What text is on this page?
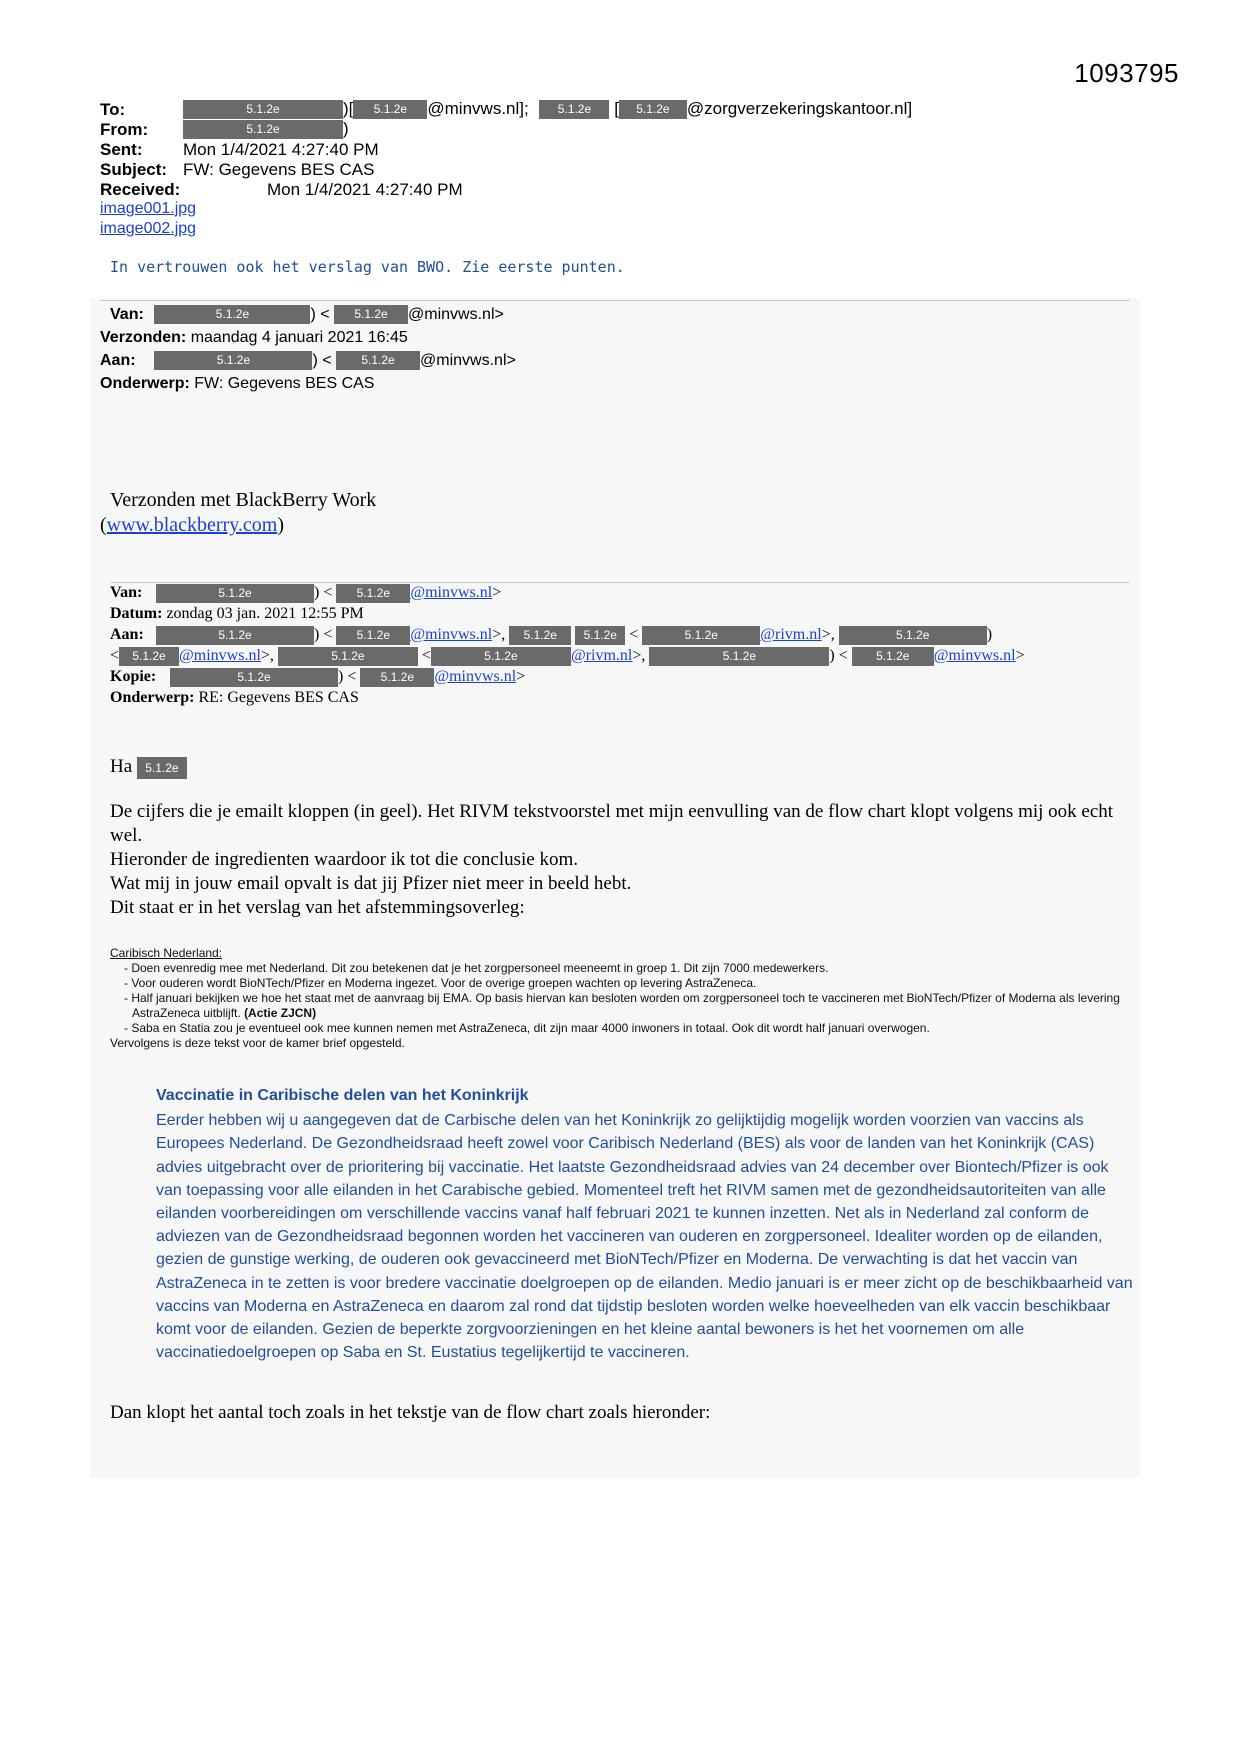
1093795
To:	5.1.2e	)[ 5.1.2e @minvws.nl]; 5.1.2e [ 5.1.2e @zorgverzekeringskantoor.nl]
From:	5.1.2e	)
Sent: Mon 1/4/2021 4:27:40 PM
Subject: FW: Gegevens BES CAS
Received:	Mon 1/4/2021 4:27:40 PM
image001.jpg
image002.jpg
In vertrouwen ook het verslag van BWO. Zie eerste punten.
Van:	5.1.2e	) < 5.1.2e @minvws.nl>
Verzonden: maandag 4 januari 2021 16:45
Aan:	5.1.2e	) < 5.1.2e @minvws.nl>
Onderwerp: FW: Gegevens BES CAS
Verzonden met BlackBerry Work
(www.blackberry.com)
Van:	5.1.2e	) < 5.1.2e @minvws.nl>
Datum: zondag 03 jan. 2021 12:55 PM
Aan:	5.1.2e	) < 5.1.2e @minvws.nl>, 5.1.2e 5.1.2e <	5.1.2e	@rivm.nl>,	5.1.2e	)
< 5.1.2e @minvws.nl>,	5.1.2e	<	5.1.2e	@rivm.nl>,	5.1.2e	) < 5.1.2e @minvws.nl>
Kopie:	5.1.2e	) < 5.1.2e @minvws.nl>
Onderwerp: RE: Gegevens BES CAS
Ha 5.1.2e

De cijfers die je emailt kloppen (in geel). Het RIVM tekstvoorstel met mijn eenvulling van de flow chart klopt volgens mij ook echt wel.

Hieronder de ingredienten waardoor ik tot die conclusie kom.

Wat mij in jouw email opvalt is dat jij Pfizer niet meer in beeld hebt.

Dit staat er in het verslag van het afstemmingsoverleg:

Caribisch Nederland:
- Doen evenredig mee met Nederland. Dit zou betekenen dat je het zorgpersoneel meeneemt in groep 1. Dit zijn 7000 medewerkers.
- Voor ouderen wordt BioNTech/Pfizer en Moderna ingezet. Voor de overige groepen wachten op levering AstraZeneca.
- Half januari bekijken we hoe het staat met de aanvraag bij EMA. Op basis hiervan kan besloten worden om zorgpersoneel toch te vaccineren met BioNTech/Pfizer of Moderna als levering AstraZeneca uitblijft. (Actie ZJCN)
- Saba en Statia zou je eventueel ook mee kunnen nemen met AstraZeneca, dit zijn maar 4000 inwoners in totaal. Ook dit wordt half januari overwogen.
Vervolgens is deze tekst voor de kamer brief opgesteld.
Vaccinatie in Caribische delen van het Koninkrijk

Eerder hebben wij u aangegeven dat de Carbische delen van het Koninkrijk zo gelijktijdig mogelijk worden voorzien van vaccins als Europees Nederland. De Gezondheidsraad heeft zowel voor Caribisch Nederland (BES) als voor de landen van het Koninkrijk (CAS) advies uitgebracht over de prioritering bij vaccinatie. Het laatste Gezondheidsraad advies van 24 december over Biontech/Pfizer is ook van toepassing voor alle eilanden in het Carabische gebied. Momenteel treft het RIVM samen met de gezondheidsautoriteiten van alle eilanden voorbereidingen om verschillende vaccins vanaf half februari 2021 te kunnen inzetten. Net als in Nederland zal conform de adviezen van de Gezondheidsraad begonnen worden het vaccineren van ouderen en zorgpersoneel. Idealiter worden op de eilanden, gezien de gunstige werking, de ouderen ook gevaccineerd met BioNTech/Pfizer en Moderna. De verwachting is dat het vaccin van AstraZeneca in te zetten is voor bredere vaccinatie doelgroepen op de eilanden. Medio januari is er meer zicht op de beschikbaarheid van vaccins van Moderna en AstraZeneca en daarom zal rond dat tijdstip besloten worden welke hoeveelheden van elk vaccin beschikbaar komt voor de eilanden. Gezien de beperkte zorgvoorzieningen en het kleine aantal bewoners is het het voornemen om alle vaccinatiedoelgroepen op Saba en St. Eustatius tegelijkertijd te vaccineren.

Dan klopt het aantal toch zoals in het tekstje van de flow chart zoals hieronder:
